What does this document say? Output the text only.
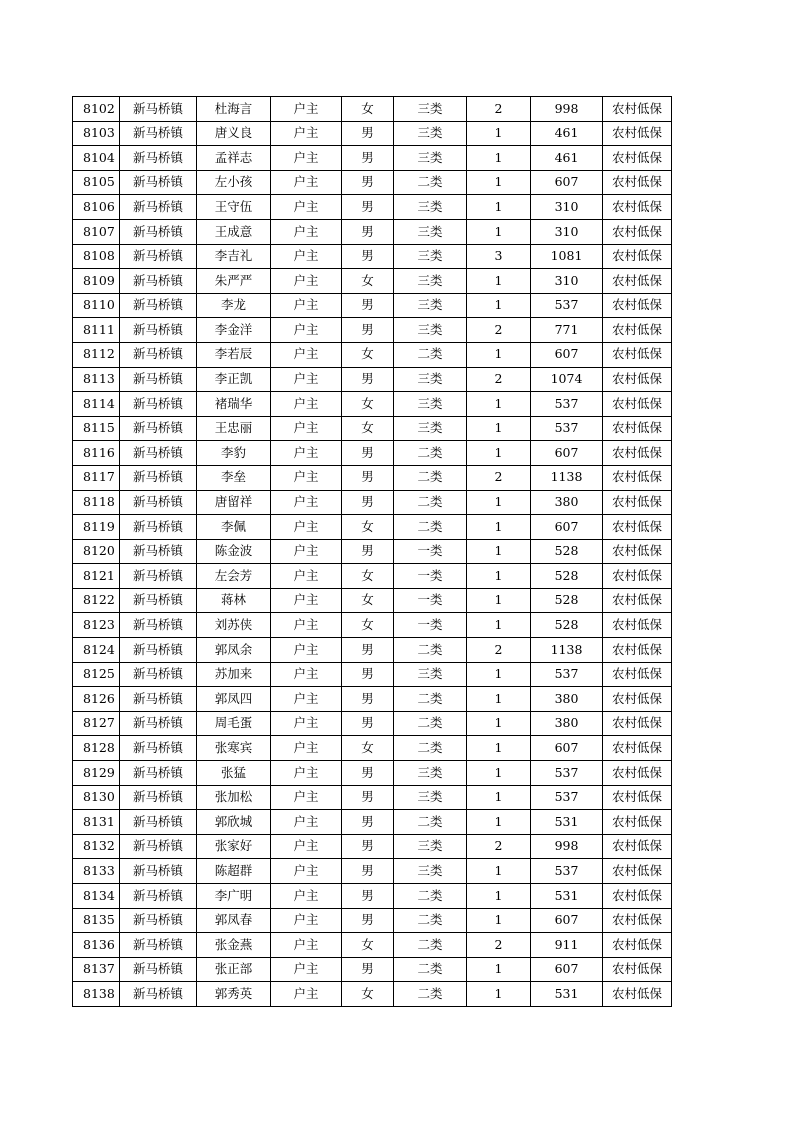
8102	新马桥镇	杜海言	户主	女	三类	2	998	农村低保
8103	新马桥镇	唐义良	户主	男	三类	1	461	农村低保
8104	新马桥镇	孟祥志	户主	男	三类	1	461	农村低保
8105	新马桥镇	左小孩	户主	男	二类	1	607	农村低保
8106	新马桥镇	王守伍	户主	男	三类	1	310	农村低保
8107	新马桥镇	王成意	户主	男	三类	1	310	农村低保
8108	新马桥镇	李吉礼	户主	男	三类	3	1081	农村低保
8109	新马桥镇	朱严严	户主	女	三类	1	310	农村低保
8110	新马桥镇	李龙	户主	男	三类	1	537	农村低保
8111	新马桥镇	李金洋	户主	男	三类	2	771	农村低保
8112	新马桥镇	李若辰	户主	女	二类	1	607	农村低保
8113	新马桥镇	李正凯	户主	男	三类	2	1074	农村低保
8114	新马桥镇	褚瑞华	户主	女	三类	1	537	农村低保
8115	新马桥镇	王忠丽	户主	女	三类	1	537	农村低保
8116	新马桥镇	李豹	户主	男	二类	1	607	农村低保
8117	新马桥镇	李垒	户主	男	二类	2	1138	农村低保
8118	新马桥镇	唐留祥	户主	男	二类	1	380	农村低保
8119	新马桥镇	李佩	户主	女	二类	1	607	农村低保
8120	新马桥镇	陈金波	户主	男	一类	1	528	农村低保
8121	新马桥镇	左会芳	户主	女	一类	1	528	农村低保
8122	新马桥镇	蒋林	户主	女	一类	1	528	农村低保
8123	新马桥镇	刘苏侠	户主	女	一类	1	528	农村低保
8124	新马桥镇	郭凤余	户主	男	二类	2	1138	农村低保
8125	新马桥镇	苏加来	户主	男	三类	1	537	农村低保
8126	新马桥镇	郭凤四	户主	男	二类	1	380	农村低保
8127	新马桥镇	周毛蛋	户主	男	二类	1	380	农村低保
8128	新马桥镇	张寒宾	户主	女	二类	1	607	农村低保
8129	新马桥镇	张猛	户主	男	三类	1	537	农村低保
8130	新马桥镇	张加松	户主	男	三类	1	537	农村低保
8131	新马桥镇	郭欣城	户主	男	二类	1	531	农村低保
8132	新马桥镇	张家好	户主	男	三类	2	998	农村低保
8133	新马桥镇	陈超群	户主	男	三类	1	537	农村低保
8134	新马桥镇	李广明	户主	男	二类	1	531	农村低保
8135	新马桥镇	郭凤春	户主	男	二类	1	607	农村低保
8136	新马桥镇	张金燕	户主	女	二类	2	911	农村低保
8137	新马桥镇	张正部	户主	男	二类	1	607	农村低保
8138	新马桥镇	郭秀英	户主	女	二类	1	531	农村低保
